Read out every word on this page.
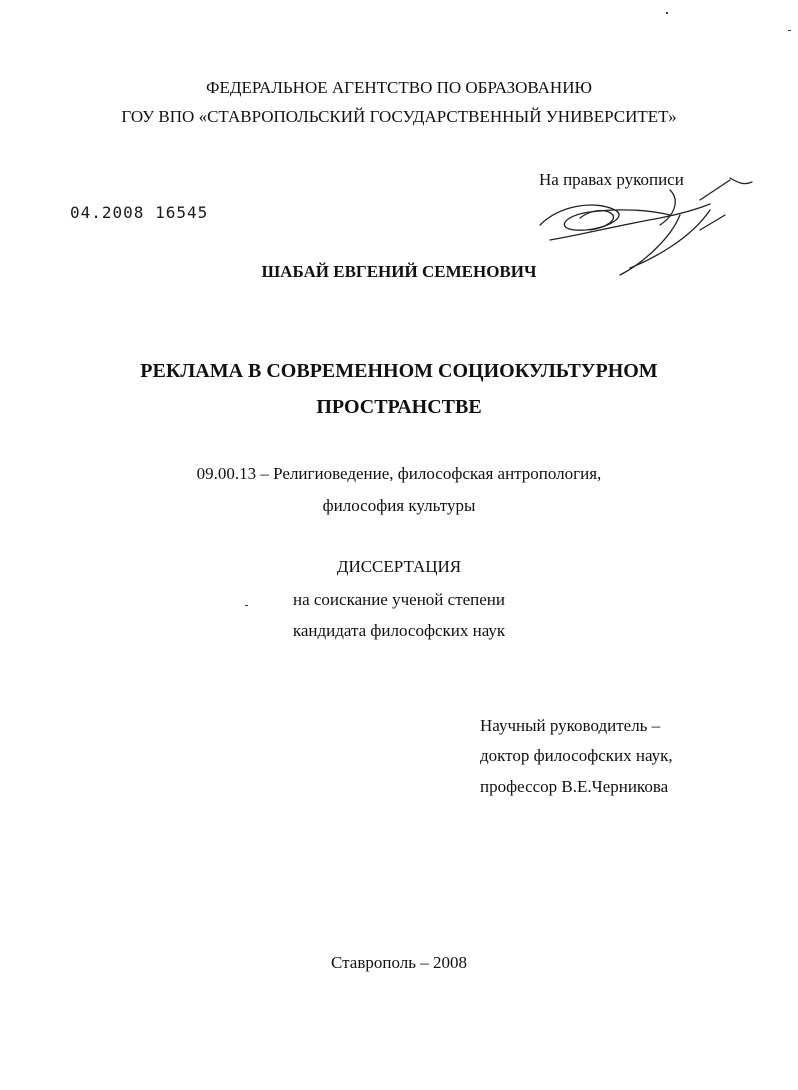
ФЕДЕРАЛЬНОЕ АГЕНТСТВО ПО ОБРАЗОВАНИЮ
ГОУ ВПО «СТАВРОПОЛЬСКИЙ ГОСУДАРСТВЕННЫЙ УНИВЕРСИТЕТ»
На правах рукописи
04.2008 16545
ШАБАЙ ЕВГЕНИЙ СЕМЕНОВИЧ
РЕКЛАМА В СОВРЕМЕННОМ СОЦИОКУЛЬТУРНОМ
ПРОСТРАНСТВЕ
09.00.13 – Религиоведение, философская антропология,
философия культуры
ДИССЕРТАЦИЯ
на соискание ученой степени
кандидата философских наук
Научный руководитель –
доктор философских наук,
профессор В.Е.Черникова
Ставрополь – 2008
